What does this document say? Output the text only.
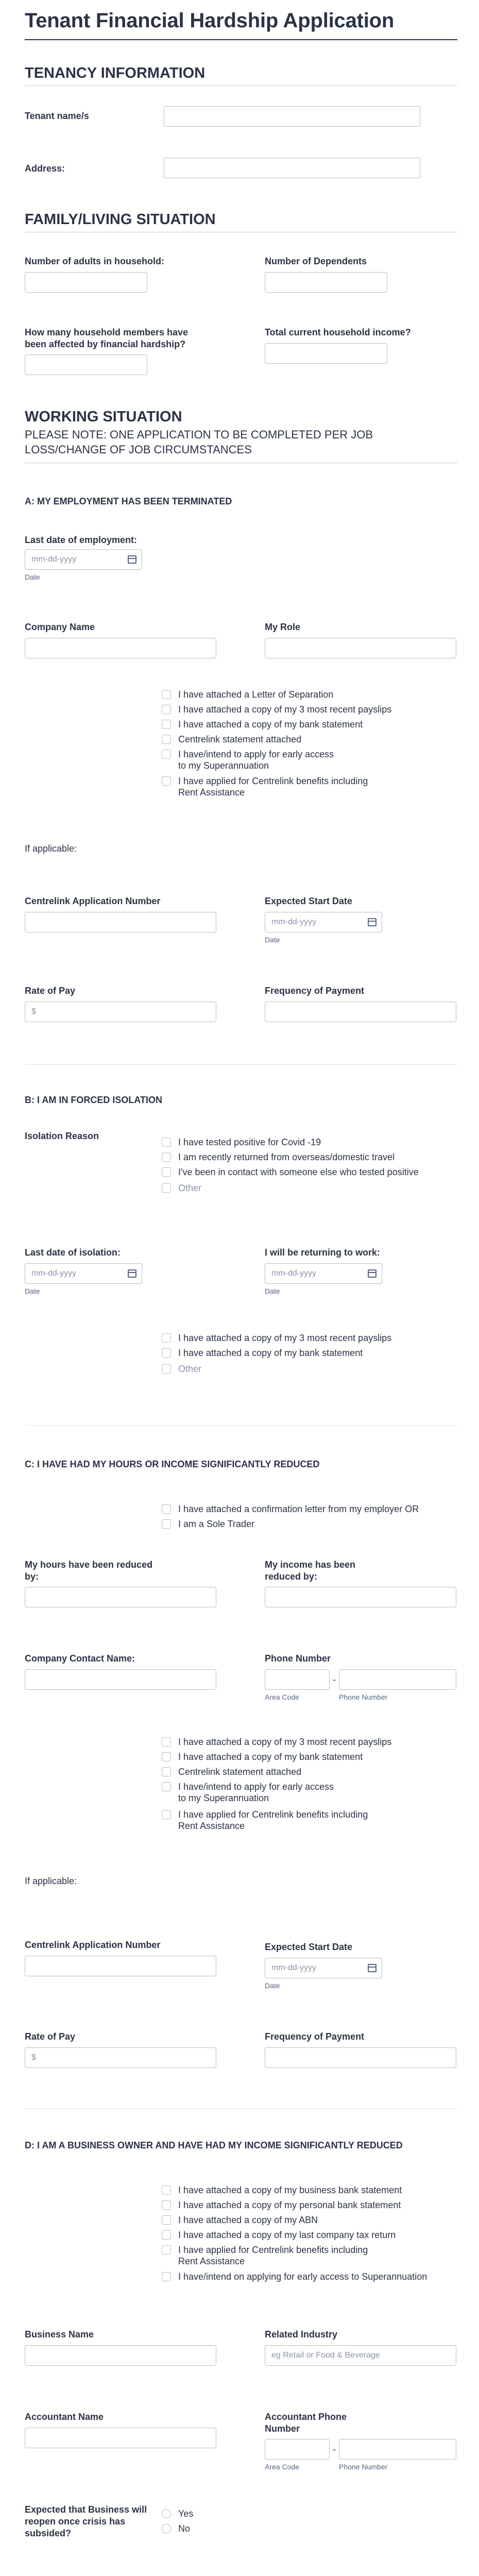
Tenant Financial Hardship Application
TENANCY INFORMATION
Tenant name/s
Address:
FAMILY/LIVING SITUATION
Number of adults in household:	Number of Dependents
How many household members have been affected by financial hardship?
Total current household income?
WORKING SITUATION
PLEASE NOTE: ONE APPLICATION TO BE COMPLETED PER JOB LOSS/CHANGE OF JOB CIRCUMSTANCES
A: MY EMPLOYMENT HAS BEEN TERMINATED
Last date of employment:
mm-dd-yyyy
Date
Company Name	My Role
I have attached a Letter of Separation
I have attached a copy of my 3 most recent payslips
I have attached a copy of my bank statement
Centrelink statement attached
I have/intend to apply for early access to my Superannuation
I have applied for Centrelink benefits including Rent Assistance
If applicable:
Centrelink Application Number	Expected Start Date
mm-dd-yyyy
Date
Rate of Pay
$
Frequency of Payment
B: I AM IN FORCED ISOLATION
Isolation Reason
I have tested positive for Covid -19
I am recently returned from overseas/domestic travel
I've been in contact with someone else who tested positive
Other
Last date of isolation:
mm-dd-yyyy
Date
I will be returning to work:
mm-dd-yyyy
Date
I have attached a copy of my 3 most recent payslips
I have attached a copy of my bank statement
Other
C: I HAVE HAD MY HOURS OR INCOME SIGNIFICANTLY REDUCED
I have attached a confirmation letter from my employer OR
I am a Sole Trader
My hours have been reduced by:
My income has been reduced by:
Company Contact Name:	Phone Number
-
Area Code	Phone Number
I have attached a copy of my 3 most recent payslips
I have attached a copy of my bank statement
Centrelink statement attached
I have/intend to apply for early access to my Superannuation
I have applied for Centrelink benefits including Rent Assistance
If applicable:
Centrelink Application Number	Expected Start Date
mm-dd-yyyy
Date
Rate of Pay
$
Frequency of Payment
D: I AM A BUSINESS OWNER AND HAVE HAD MY INCOME SIGNIFICANTLY REDUCED
I have attached a copy of my business bank statement
I have attached a copy of my personal bank statement
I have attached a copy of my ABN
I have attached a copy of my last company tax return
I have applied for Centrelink benefits including Rent Assistance
I have/intend on applying for early access to Superannuation
Business Name	Related Industry
eg Retail or Food & Beverage
Accountant Name	Accountant Phone Number
-
Area Code	Phone Number
Expected that Business will reopen once crisis has subsided?
Yes
No
